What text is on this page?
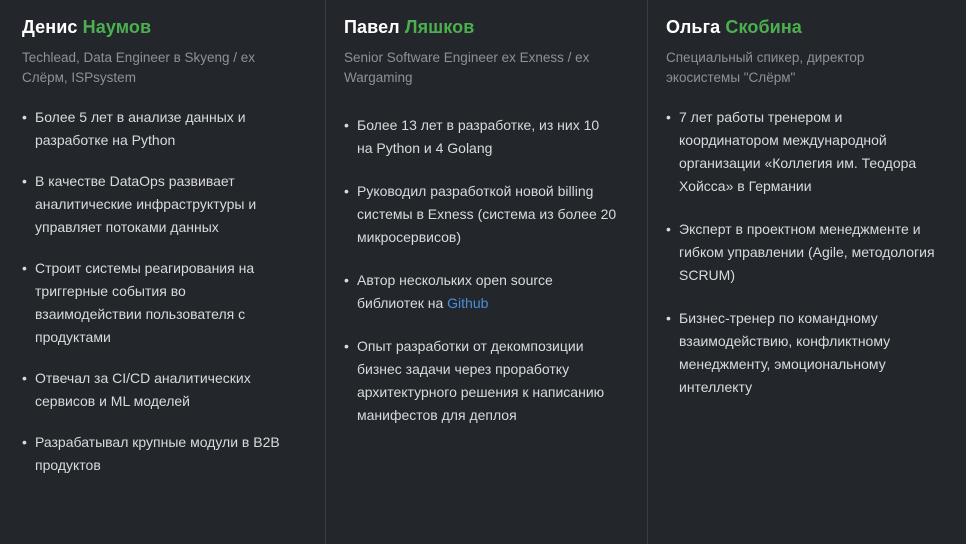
Денис Наумов

Techlead, Data Engineer в Skyeng / ex Слёрм, ISPsystem

• Более 5 лет в анализе данных и разработке на Python
• В качестве DataOps развивает аналитические инфраструктуры и управляет потоками данных
• Строит системы реагирования на триггерные события во взаимодействии пользователя с продуктами
• Отвечал за CI/CD аналитических сервисов и ML моделей
• Разрабатывал крупные модули в B2B продуктов
Павел Ляшков

Senior Software Engineer ex Exness / ex Wargaming

• Более 13 лет в разработке, из них 10 на Python и 4 Golang
• Руководил разработкой новой billing системы в Exness (система из более 20 микросервисов)
• Автор нескольких open source библиотек на Github
• Опыт разработки от декомпозиции бизнес задачи через проработку архитектурного решения к написанию манифестов для деплоя
Ольга Скобина

Специальный спикер, директор экосистемы "Слёрм"

• 7 лет работы тренером и координатором международной организации «Коллегия им. Теодора Хойсса» в Германии
• Эксперт в проектном менеджменте и гибком управлении (Agile, методология SCRUM)
• Бизнес-тренер по командному взаимодействию, конфликтному менеджменту, эмоциональному интеллекту
